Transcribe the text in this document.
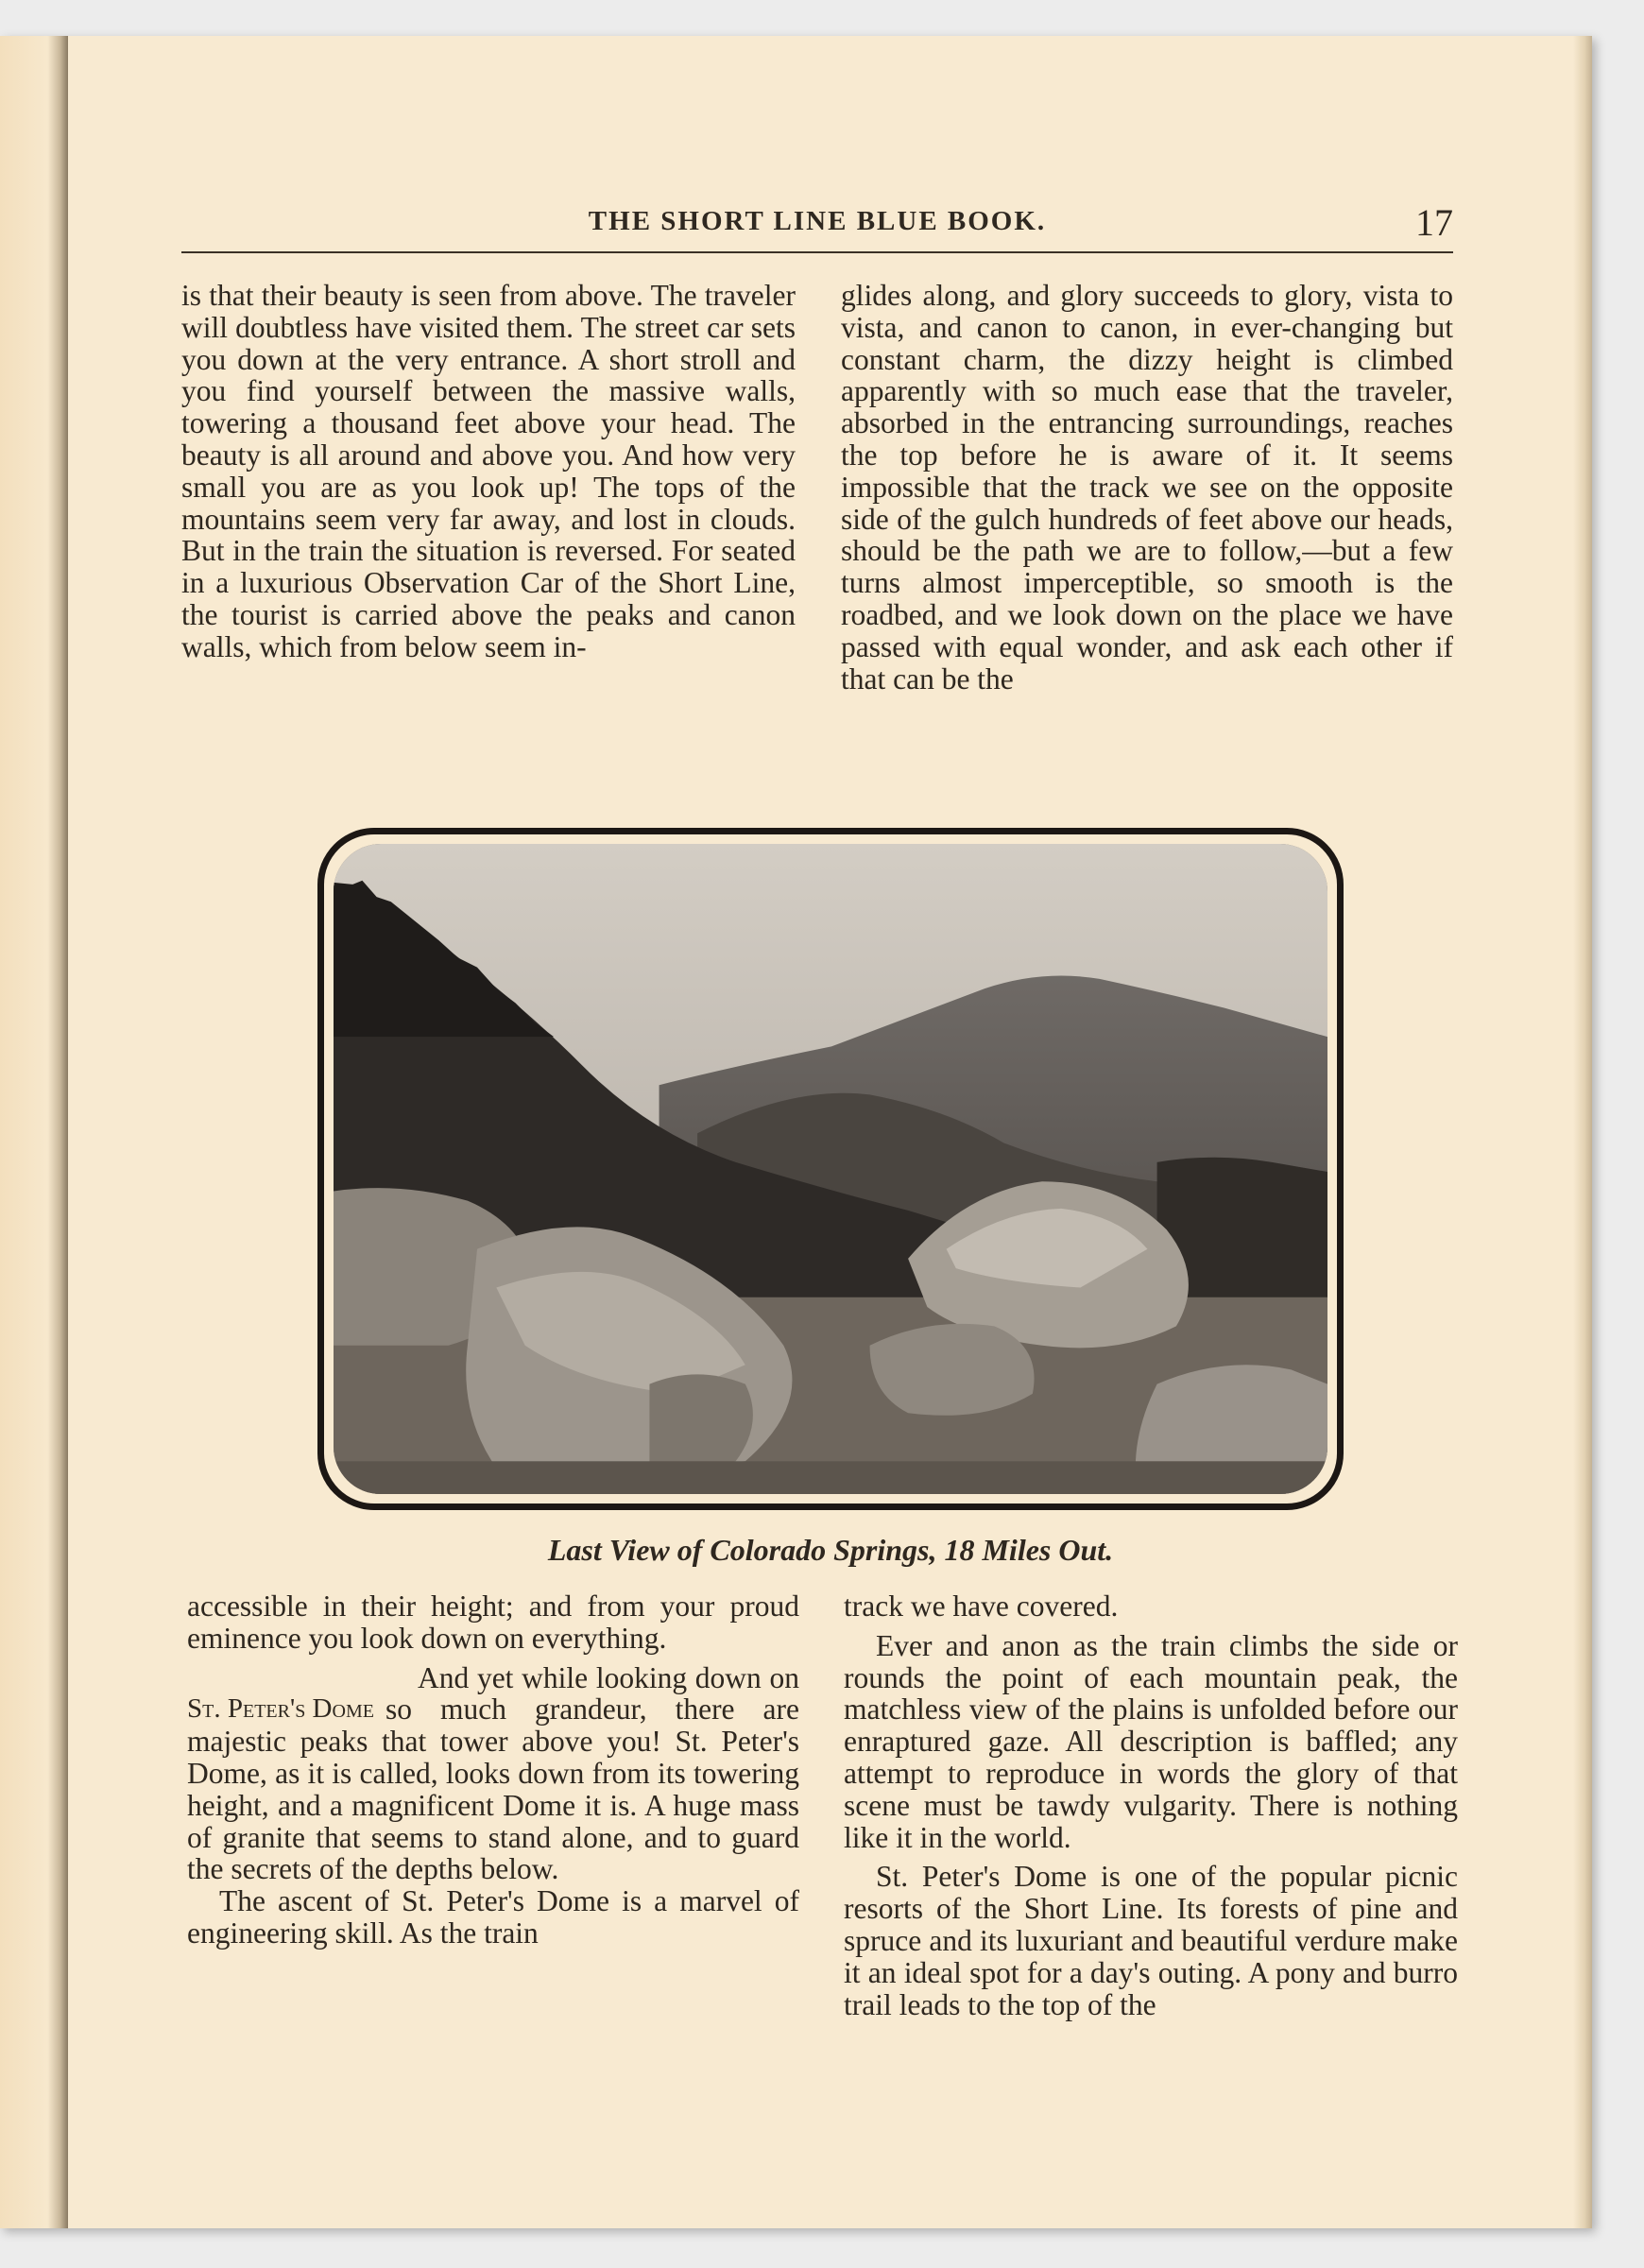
THE SHORT LINE BLUE BOOK.	17

is that their beauty is seen from above. The traveler will doubtless have visited them. The street car sets you down at the very entrance. A short stroll and you find yourself between the massive walls, towering a thousand feet above your head. The beauty is all around and above you. And how very small you are as you look up! The tops of the mountains seem very far away, and lost in clouds. But in the train the situation is reversed. For seated in a luxurious Observation Car of the Short Line, the tourist is carried above the peaks and canon walls, which from below seem in-

glides along, and glory succeeds to glory, vista to vista, and canon to canon, in ever-changing but constant charm, the dizzy height is climbed apparently with so much ease that the traveler, absorbed in the entrancing surroundings, reaches the top before he is aware of it. It seems impossible that the track we see on the opposite side of the gulch hundreds of feet above our heads, should be the path we are to follow,—but a few turns almost imperceptible, so smooth is the roadbed, and we look down on the place we have passed with equal wonder, and ask each other if that can be the

Last View of Colorado Springs, 18 Miles Out.

accessible in their height; and from your proud eminence you look down on everything.

St. Peter's Dome

And yet while looking down on so much grandeur, there are majestic peaks that tower above you! St. Peter's Dome, as it is called, looks down from its towering height, and a magnificent Dome it is. A huge mass of granite that seems to stand alone, and to guard the secrets of the depths below.

The ascent of St. Peter's Dome is a marvel of engineering skill. As the train

track we have covered.

Ever and anon as the train climbs the side or rounds the point of each mountain peak, the matchless view of the plains is unfolded before our enraptured gaze. All description is baffled; any attempt to reproduce in words the glory of that scene must be tawdy vulgarity. There is nothing like it in the world.

St. Peter's Dome is one of the popular picnic resorts of the Short Line. Its forests of pine and spruce and its luxuriant and beautiful verdure make it an ideal spot for a day's outing. A pony and burro trail leads to the top of the
